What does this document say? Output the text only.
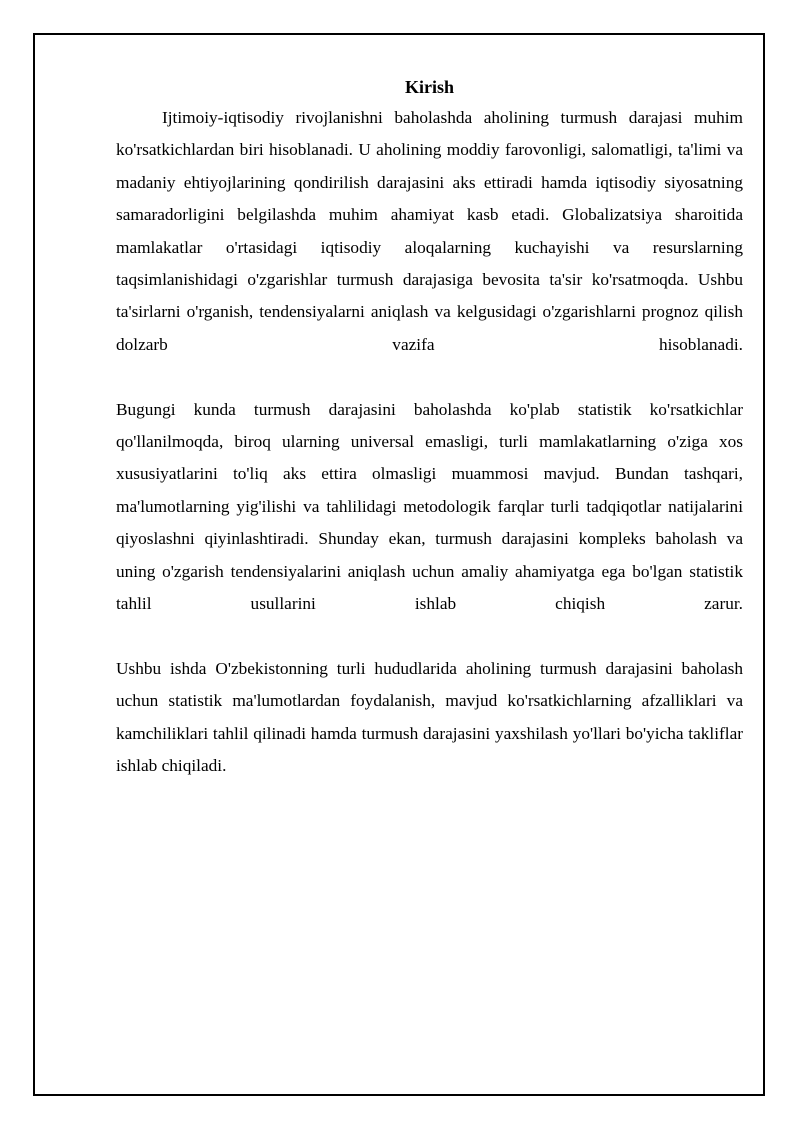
Kirish

Ijtimoiy-iqtisodiy rivojlanishni baholashda aholining turmush darajasi muhim ko'rsatkichlardan biri hisoblanadi. U aholining moddiy farovonligi, salomatligi, ta'limi va madaniy ehtiyojlarining qondirilish darajasini aks ettiradi hamda iqtisodiy siyosatning samaradorligini belgilashda muhim ahamiyat kasb etadi. Globalizatsiya sharoitida mamlakatlar o'rtasidagi iqtisodiy aloqalarning kuchayishi va resurslarning taqsimlanishidagi o'zgarishlar turmush darajasiga bevosita ta'sir ko'rsatmoqda. Ushbu ta'sirlarni o'rganish, tendensiyalarni aniqlash va kelgusidagi o'zgarishlarni prognoz qilish dolzarb vazifa hisoblanadi.

Bugungi kunda turmush darajasini baholashda ko'plab statistik ko'rsatkichlar qo'llanilmoqda, biroq ularning universal emasligi, turli mamlakatlarning o'ziga xos xususiyatlarini to'liq aks ettira olmasligi muammosi mavjud. Bundan tashqari, ma'lumotlarning yig'ilishi va tahlilidagi metodologik farqlar turli tadqiqotlar natijalarini qiyoslashni qiyinlashtiradi. Shunday ekan, turmush darajasini kompleks baholash va uning o'zgarish tendensiyalarini aniqlash uchun amaliy ahamiyatga ega bo'lgan statistik tahlil usullarini ishlab chiqish zarur.

Ushbu ishda O'zbekistonning turli hududlarida aholining turmush darajasini baholash uchun statistik ma'lumotlardan foydalanish, mavjud ko'rsatkichlarning afzalliklari va kamchiliklari tahlil qilinadi hamda turmush darajasini yaxshilash yo'llari bo'yicha takliflar ishlab chiqiladi.
